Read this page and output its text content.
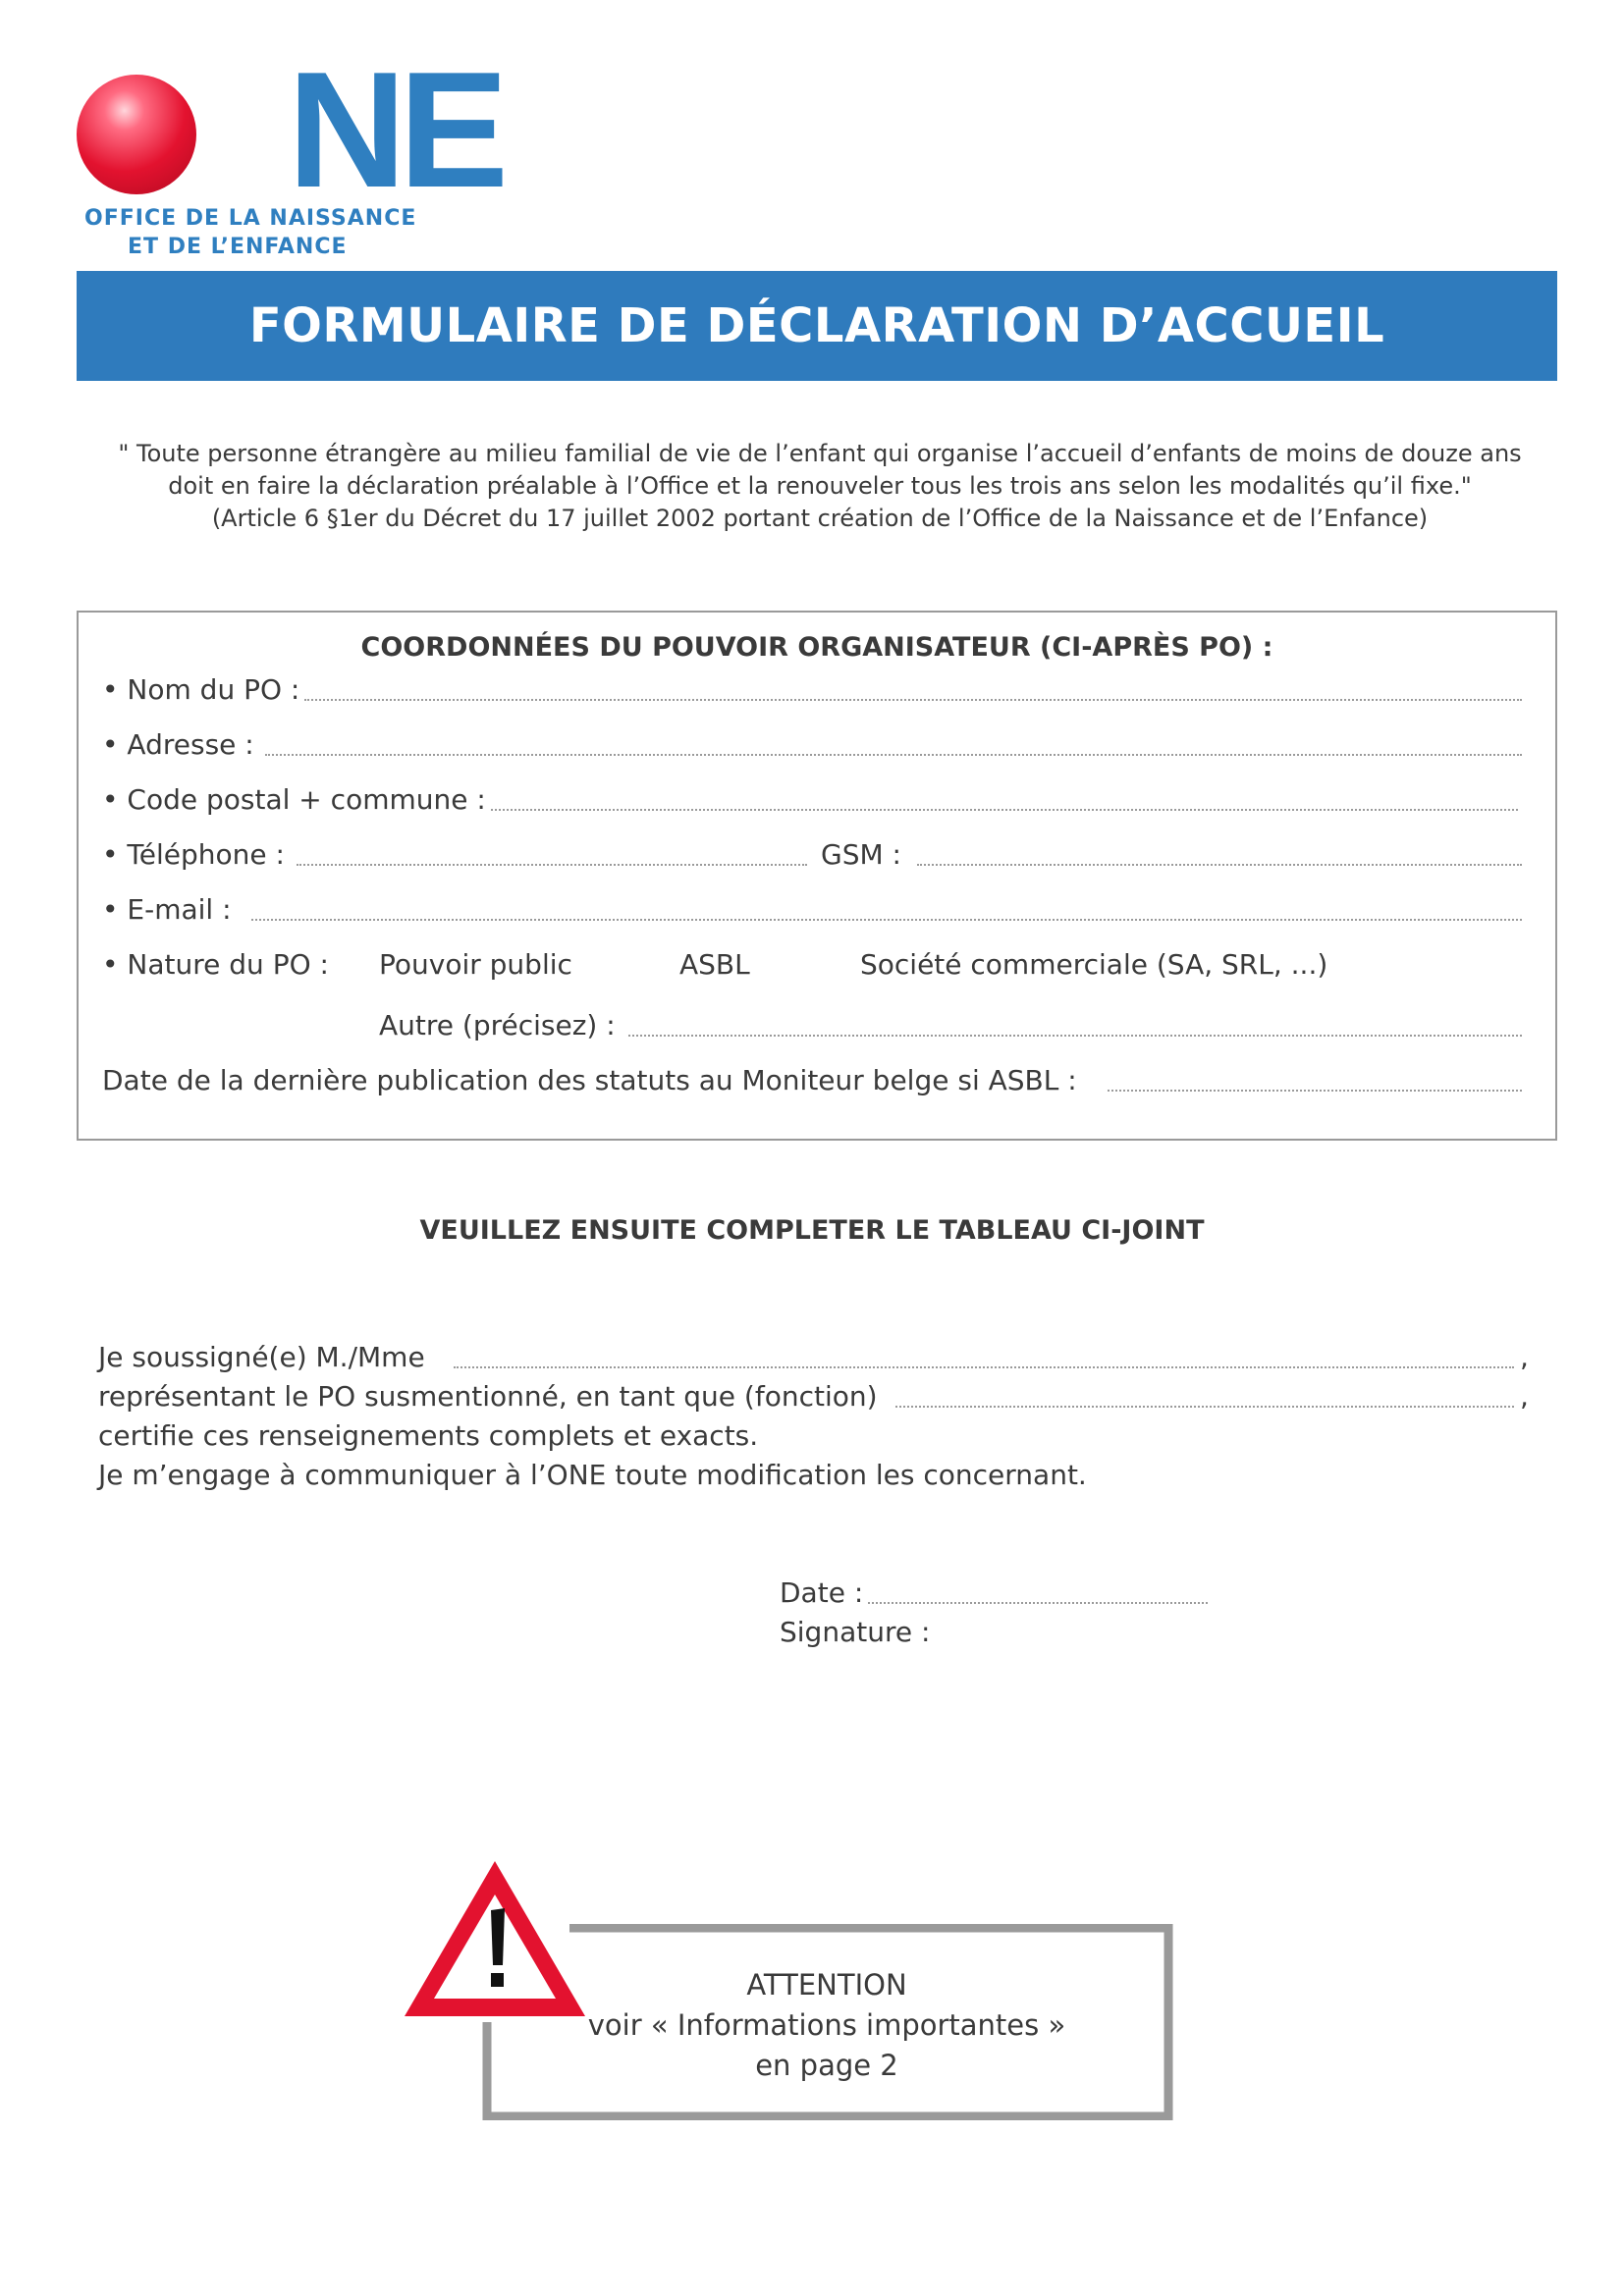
NE
OFFICE DE LA NAISSANCE
ET DE L’ENFANCE
FORMULAIRE DE DÉCLARATION D’ACCUEIL
" Toute personne étrangère au milieu familial de vie de l’enfant qui organise l’accueil d’enfants de moins de douze ans
doit en faire la déclaration préalable à l’Office et la renouveler tous les trois ans selon les modalités qu’il fixe."
(Article 6 §1er du Décret du 17 juillet 2002 portant création de l’Office de la Naissance et de l’Enfance)
COORDONNÉES DU POUVOIR ORGANISATEUR (CI-APRÈS PO) :
• Nom du PO :
• Adresse :
• Code postal + commune :
• Téléphone :	GSM :
• E-mail :
• Nature du PO : Pouvoir public	ASBL	Société commerciale (SA, SRL, ...)
Autre (précisez) :
Date de la dernière publication des statuts au Moniteur belge si ASBL :
VEUILLEZ ENSUITE COMPLETER LE TABLEAU CI-JOINT
Je soussigné(e) M./Mme	,
représentant le PO susmentionné, en tant que (fonction)	,
certifie ces renseignements complets et exacts.
Je m’engage à communiquer à l’ONE toute modification les concernant.
Date :
Signature :
ATTENTION
voir « Informations importantes »
en page 2
